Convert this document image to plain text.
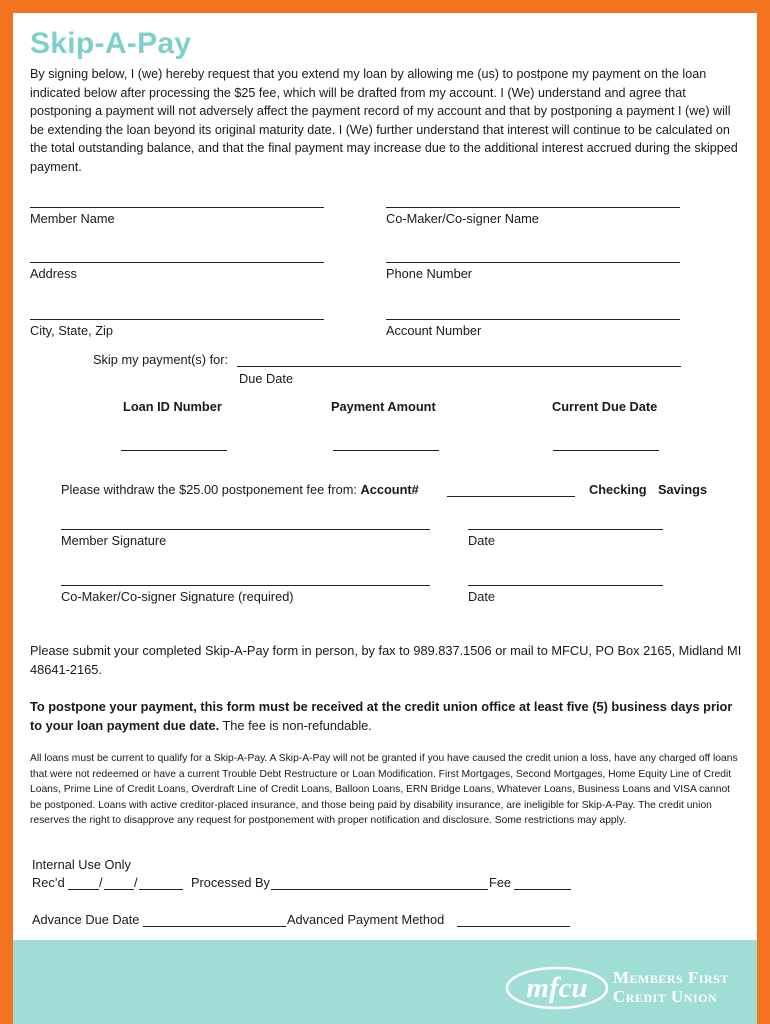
Skip-A-Pay
By signing below, I (we) hereby request that you extend my loan by allowing me (us) to postpone my payment on the loan indicated below after processing the $25 fee, which will be drafted from my account. I (We) understand and agree that postponing a payment will not adversely affect the payment record of my account and that by postponing a payment I (we) will be extending the loan beyond its original maturity date. I (We) further understand that interest will continue to be calculated on the total outstanding balance, and that the final payment may increase due to the additional interest accrued during the skipped payment.
Member Name	Co-Maker/Co-signer Name
Address	Phone Number
City, State, Zip	Account Number
Skip my payment(s) for:
Due Date
Loan ID Number	Payment Amount	Current Due Date
Please withdraw the $25.00 postponement fee from: Account#	Checking Savings
Member Signature	Date
Co-Maker/Co-signer Signature (required)	Date
Please submit your completed Skip-A-Pay form in person, by fax to 989.837.1506 or mail to MFCU, PO Box 2165, Midland MI 48641-2165.
To postpone your payment, this form must be received at the credit union office at least five (5) business days prior to your loan payment due date. The fee is non-refundable.
All loans must be current to qualify for a Skip-A-Pay. A Skip-A-Pay will not be granted if you have caused the credit union a loss, have any charged off loans that were not redeemed or have a current Trouble Debt Restructure or Loan Modification. First Mortgages, Second Mortgages, Home Equity Line of Credit Loans, Prime Line of Credit Loans, Overdraft Line of Credit Loans, Balloon Loans, ERN Bridge Loans, Whatever Loans, Business Loans and VISA cannot be postponed. Loans with active creditor-placed insurance, and those being paid by disability insurance, are ineligible for Skip-A-Pay. The credit union reserves the right to disapprove any request for postponement with proper notification and disclosure. Some restrictions may apply.
Internal Use Only
Rec’d	/ /	Processed By	Fee
Advance Due Date	Advanced Payment Method
mfcu Members First
Credit Union
